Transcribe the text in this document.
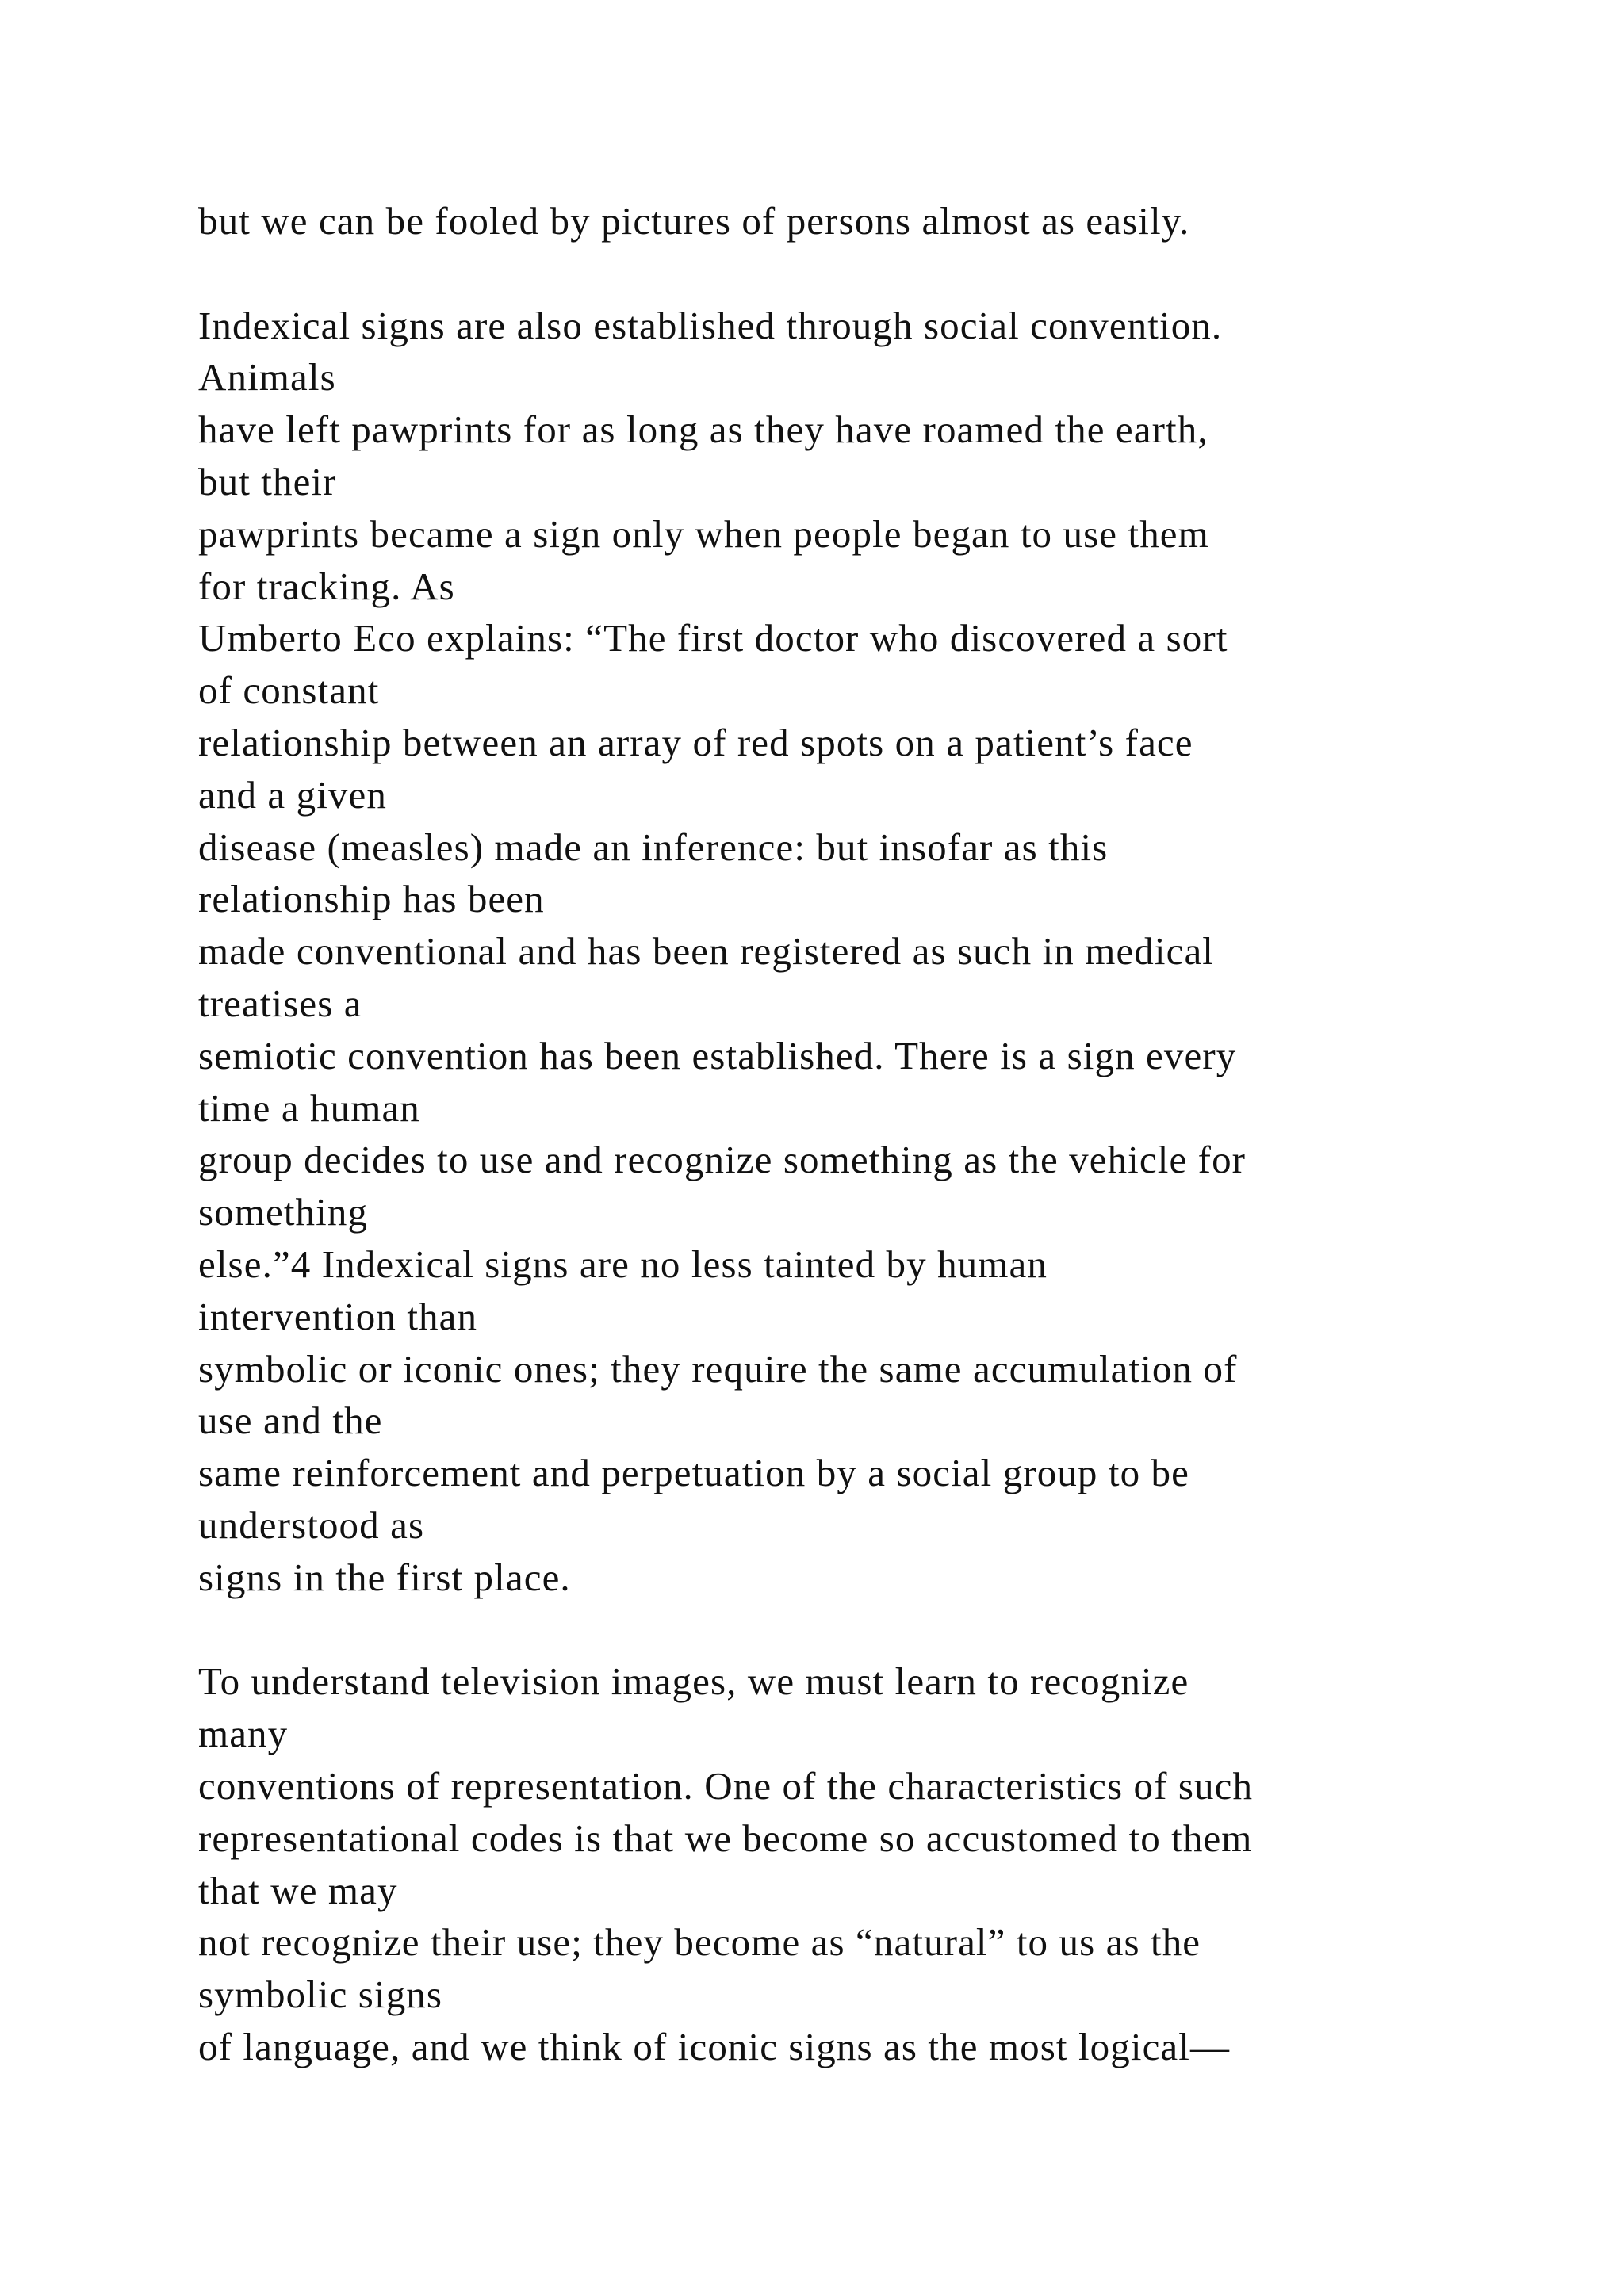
but we can be fooled by pictures of persons almost as easily.
Indexical signs are also established through social convention.
Animals
have left pawprints for as long as they have roamed the earth,
but their
pawprints became a sign only when people began to use them
for tracking. As
Umberto Eco explains: “The first doctor who discovered a sort
of constant
relationship between an array of red spots on a patient’s face
and a given
disease (measles) made an inference: but insofar as this
relationship has been
made conventional and has been registered as such in medical
treatises a
semiotic convention has been established. There is a sign every
time a human
group decides to use and recognize something as the vehicle for
something
else.”4 Indexical signs are no less tainted by human
intervention than
symbolic or iconic ones; they require the same accumulation of
use and the
same reinforcement and perpetuation by a social group to be
understood as
signs in the first place.
To understand television images, we must learn to recognize
many
conventions of representation. One of the characteristics of such
representational codes is that we become so accustomed to them
that we may
not recognize their use; they become as “natural” to us as the
symbolic signs
of language, and we think of iconic signs as the most logical—
